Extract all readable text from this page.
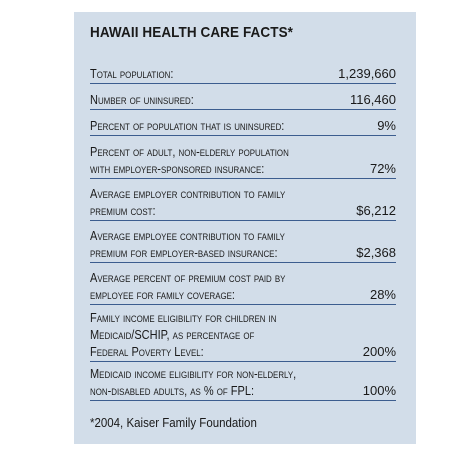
HAWAII HEALTH CARE FACTS*
Total population:	1,239,660
Number of uninsured:	116,460
Percent of population that is uninsured:	9%
Percent of adult, non-elderly population
with employer-sponsored insurance:	72%
Average employer contribution to family
premium cost:	$6,212
Average employee contribution to family
premium for employer-based insurance:	$2,368
Average percent of premium cost paid by
employee for family coverage:	28%
Family income eligibility for children in
Medicaid/SCHIP, as percentage of
Federal Poverty Level:	200%
Medicaid income eligibility for non-elderly,
non-disabled adults, as % of FPL:	100%
*2004, Kaiser Family Foundation
